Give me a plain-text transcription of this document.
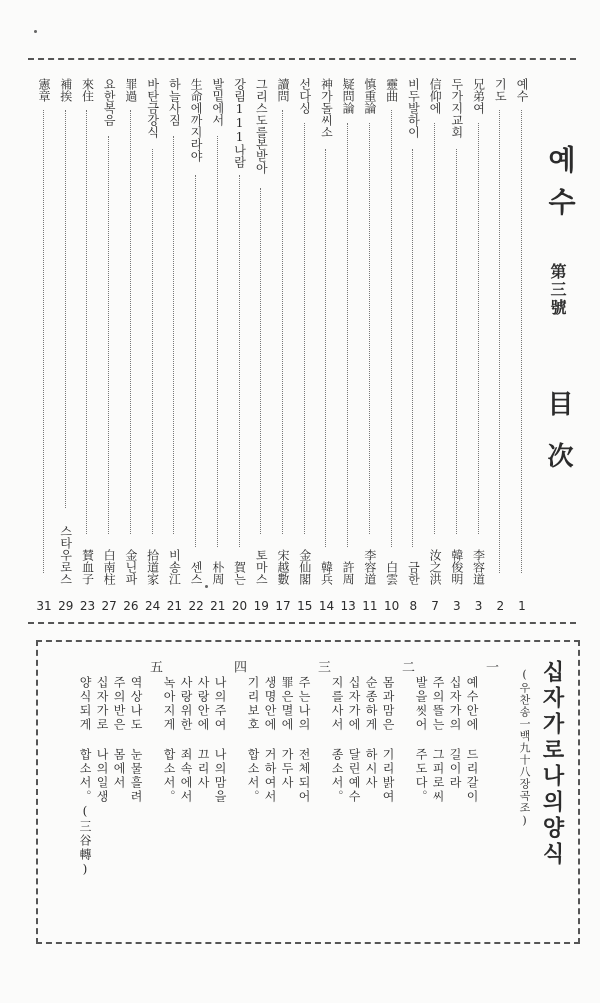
예수
第三號
目次
예수
1
기도
2
兄弟여
李容道
3
두가지교회
韓俊明
3
信仰에
汝之洪
7
비두발하이
금한
8
靈曲
白雲
10
慎重論
李容道
11
疑問論
許周
13
神가돌씨소
韓兵
14
선다싱
金仙閣
15
讀問
宋越數
17
그리스도를본받아
토마스
19
강림111나람
賀는
20
발밑에서
朴周
21
生命에까지라야
센스
22
하늘사짐
비송江
21
바탄금강식
拾道家
24
罪過
金닌파
26
요한복음
白南柱
27
來住
賛血子
23
補挨
스타우로스
29
憲章
31
십자가로나의양식
(우찬송一백九十八장곡조)
一
예수안에 드리갈이
십자가의 길이라
주의뜰는 그피로씨
발을씻어 주도다。
二
몸과맘은 기리밝여
순종하게 하시사
십자가에 달린예수
지를사서 종소서。
三
주는나의 전체되어
罪은멸에 가두사
생명안에 거하여서
기리보호 합소서。
四
나의주여 나의맘을
사랑안에 끄리사
사랑위한 죄속에서
녹아지게 합소서。
五
역상나도 눈물흘려
주의반은 몸에서
십자가로 나의일생
양식되게 합소서。(三谷轉)
